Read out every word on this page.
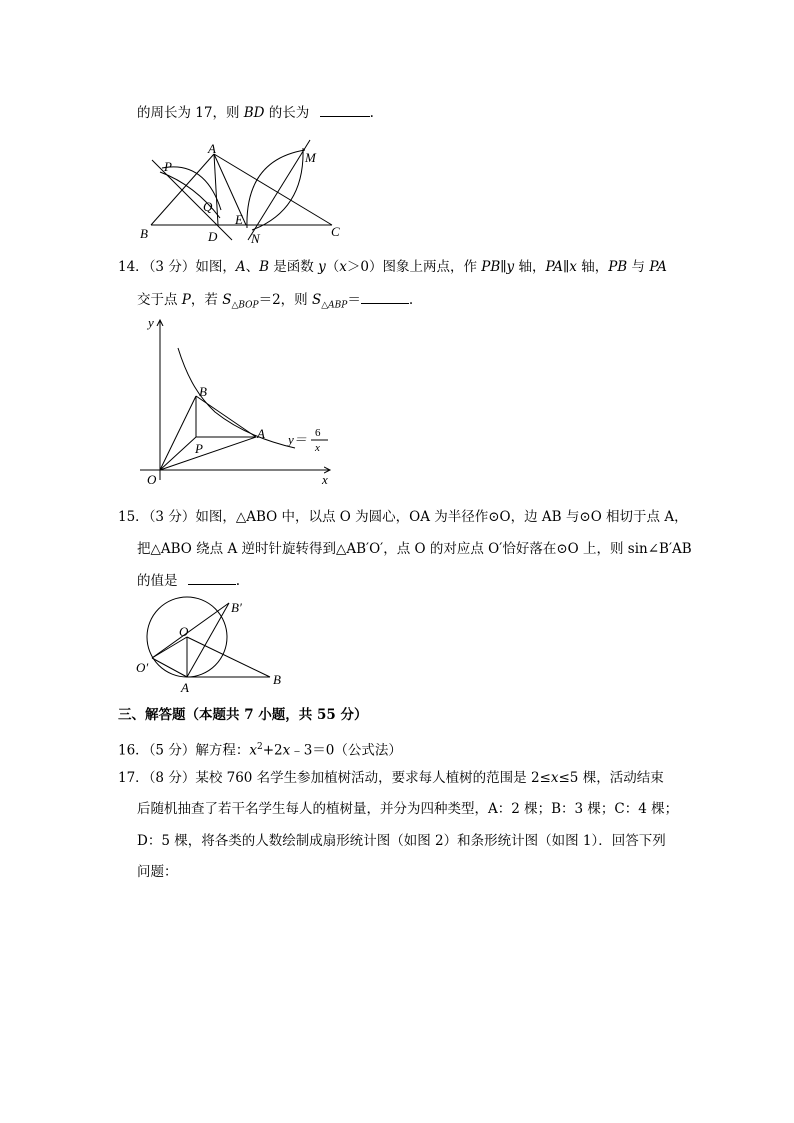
的周长为 17，则 BD 的长为	.
A
P
Q
M
E
B	D	N	C
14．（3 分）如图，A、B 是函数 y（x＞0）图象上两点，作 PB∥y 轴，PA∥x 轴，PB 与 PA
交于点 P，若 $S_{\triangle BOP}=2$，则 $S_{\triangle ABP}=$	.
y
x
O
B
A
P
y＝ 6
x
15．（3 分）如图，△ABO 中，以点 O 为圆心，OA 为半径作⊙O，边 AB 与⊙O 相切于点 A，
把△ABO 绕点 A 逆时针旋转得到△AB′O′，点 O 的对应点 O′恰好落在⊙O 上，则 sin∠B′AB
的值是	.
O
O′
A
B
B′
三、解答题（本题共 7 小题，共 55 分）
16．（5 分）解方程：$x^2+2x﹣3=0$（公式法）
17．（8 分）某校 760 名学生参加植树活动，要求每人植树的范围是 2≤x≤5 棵，活动结束
后随机抽查了若干名学生每人的植树量，并分为四种类型，A：2 棵；B：3 棵；C：4 棵；
D：5 棵，将各类的人数绘制成扇形统计图（如图 2）和条形统计图（如图 1）．回答下列
问题：
